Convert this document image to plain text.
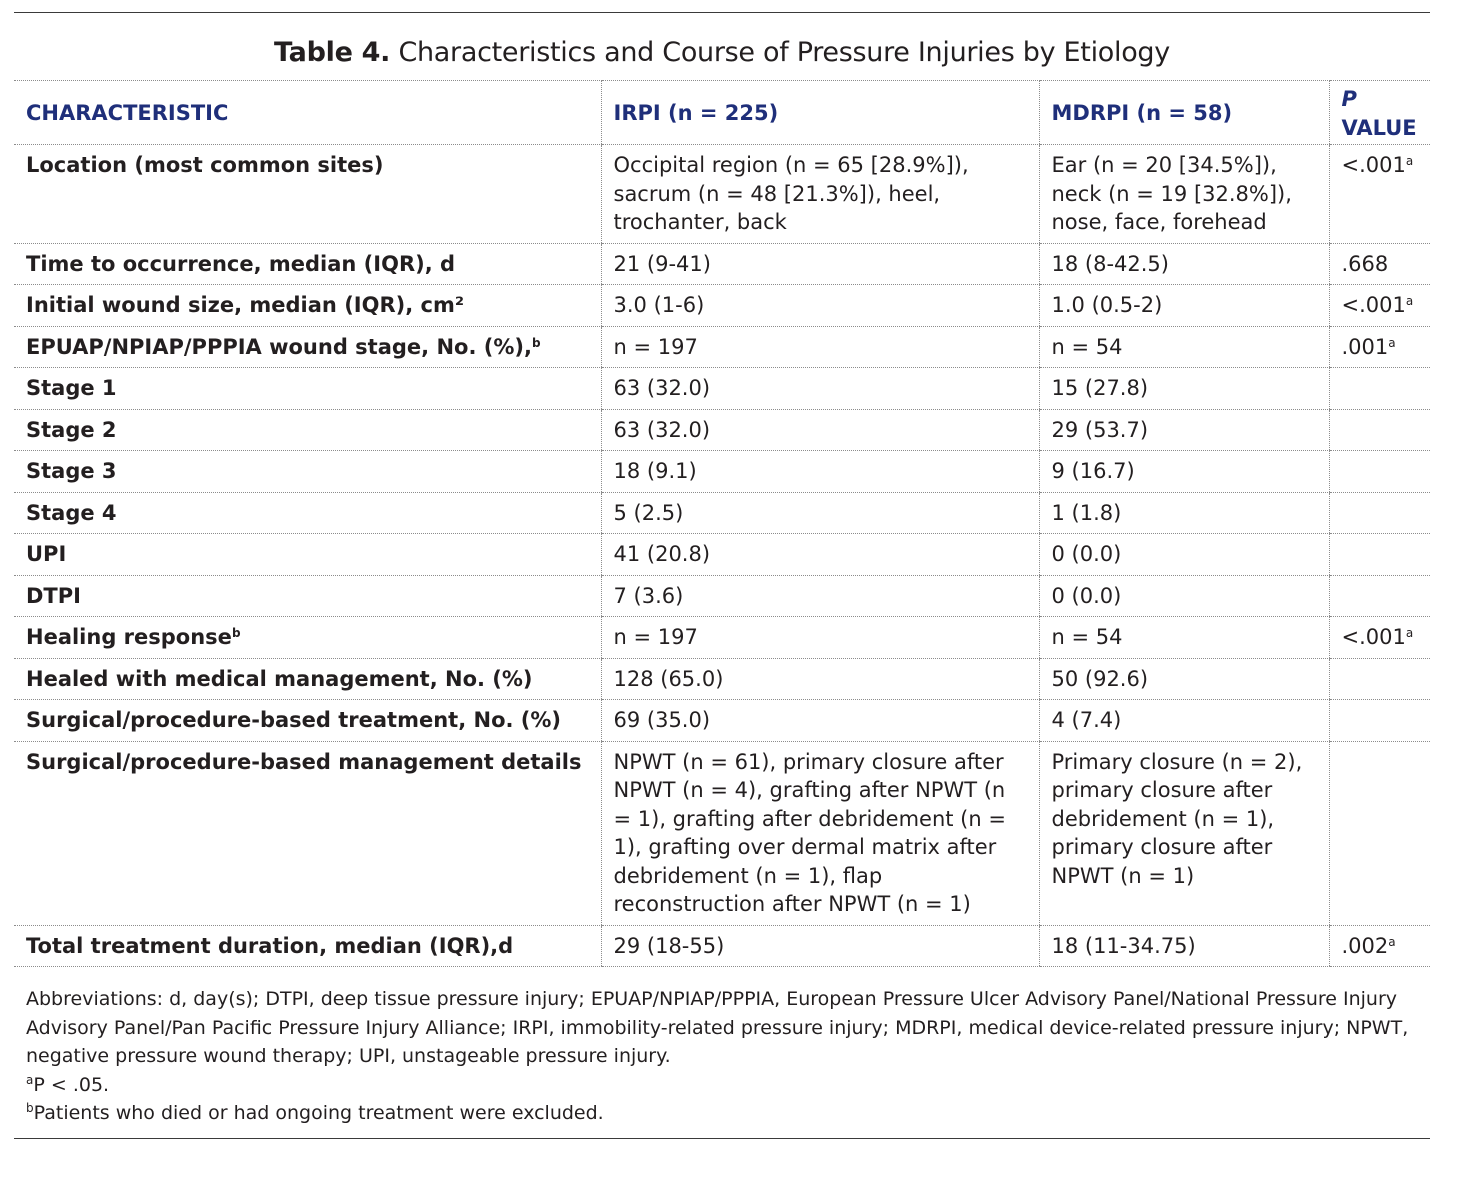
Table 4. Characteristics and Course of Pressure Injuries by Etiology
CHARACTERISTIC	IRPI (n = 225)	MDRPI (n = 58)	P
VALUE
Location (most common sites)	Occipital region (n = 65 [28.9%]), sacrum (n = 48 [21.3%]), heel, trochanter, back	Ear (n = 20 [34.5%]), neck (n = 19 [32.8%]), nose, face, forehead	<.001$^a$
Time to occurrence, median (IQR), d	21 (9-41)	18 (8-42.5)	.668
Initial wound size, median (IQR), cm²	3.0 (1-6)	1.0 (0.5-2)	<.001$^a$
EPUAP/NPIAP/PPPIA wound stage, No. (%),$^b$	n = 197	n = 54	.001$^a$
Stage 1	63 (32.0)	15 (27.8)	
Stage 2	63 (32.0)	29 (53.7)	
Stage 3	18 (9.1)	9 (16.7)	
Stage 4	5 (2.5)	1 (1.8)	
UPI	41 (20.8)	0 (0.0)	
DTPI	7 (3.6)	0 (0.0)	
Healing response$^b$	n = 197	n = 54	<.001$^a$
Healed with medical management, No. (%)	128 (65.0)	50 (92.6)	
Surgical/procedure-based treatment, No. (%)	69 (35.0)	4 (7.4)	
Surgical/procedure-based management details	NPWT (n = 61), primary closure after NPWT (n = 4), grafting after NPWT (n = 1), grafting after debridement (n = 1), grafting over dermal matrix after debridement (n = 1), flap reconstruction after NPWT (n = 1)	Primary closure (n = 2), primary closure after debridement (n = 1), primary closure after NPWT (n = 1)	
Total treatment duration, median (IQR),d	29 (18-55)	18 (11-34.75)	.002$^a$
Abbreviations: d, day(s); DTPI, deep tissue pressure injury; EPUAP/NPIAP/PPPIA, European Pressure Ulcer Advisory Panel/National Pressure Injury Advisory Panel/Pan Pacific Pressure Injury Alliance; IRPI, immobility-related pressure injury; MDRPI, medical device-related pressure injury; NPWT, negative pressure wound therapy; UPI, unstageable pressure injury.
$^a$P < .05.
$^b$Patients who died or had ongoing treatment were excluded.
